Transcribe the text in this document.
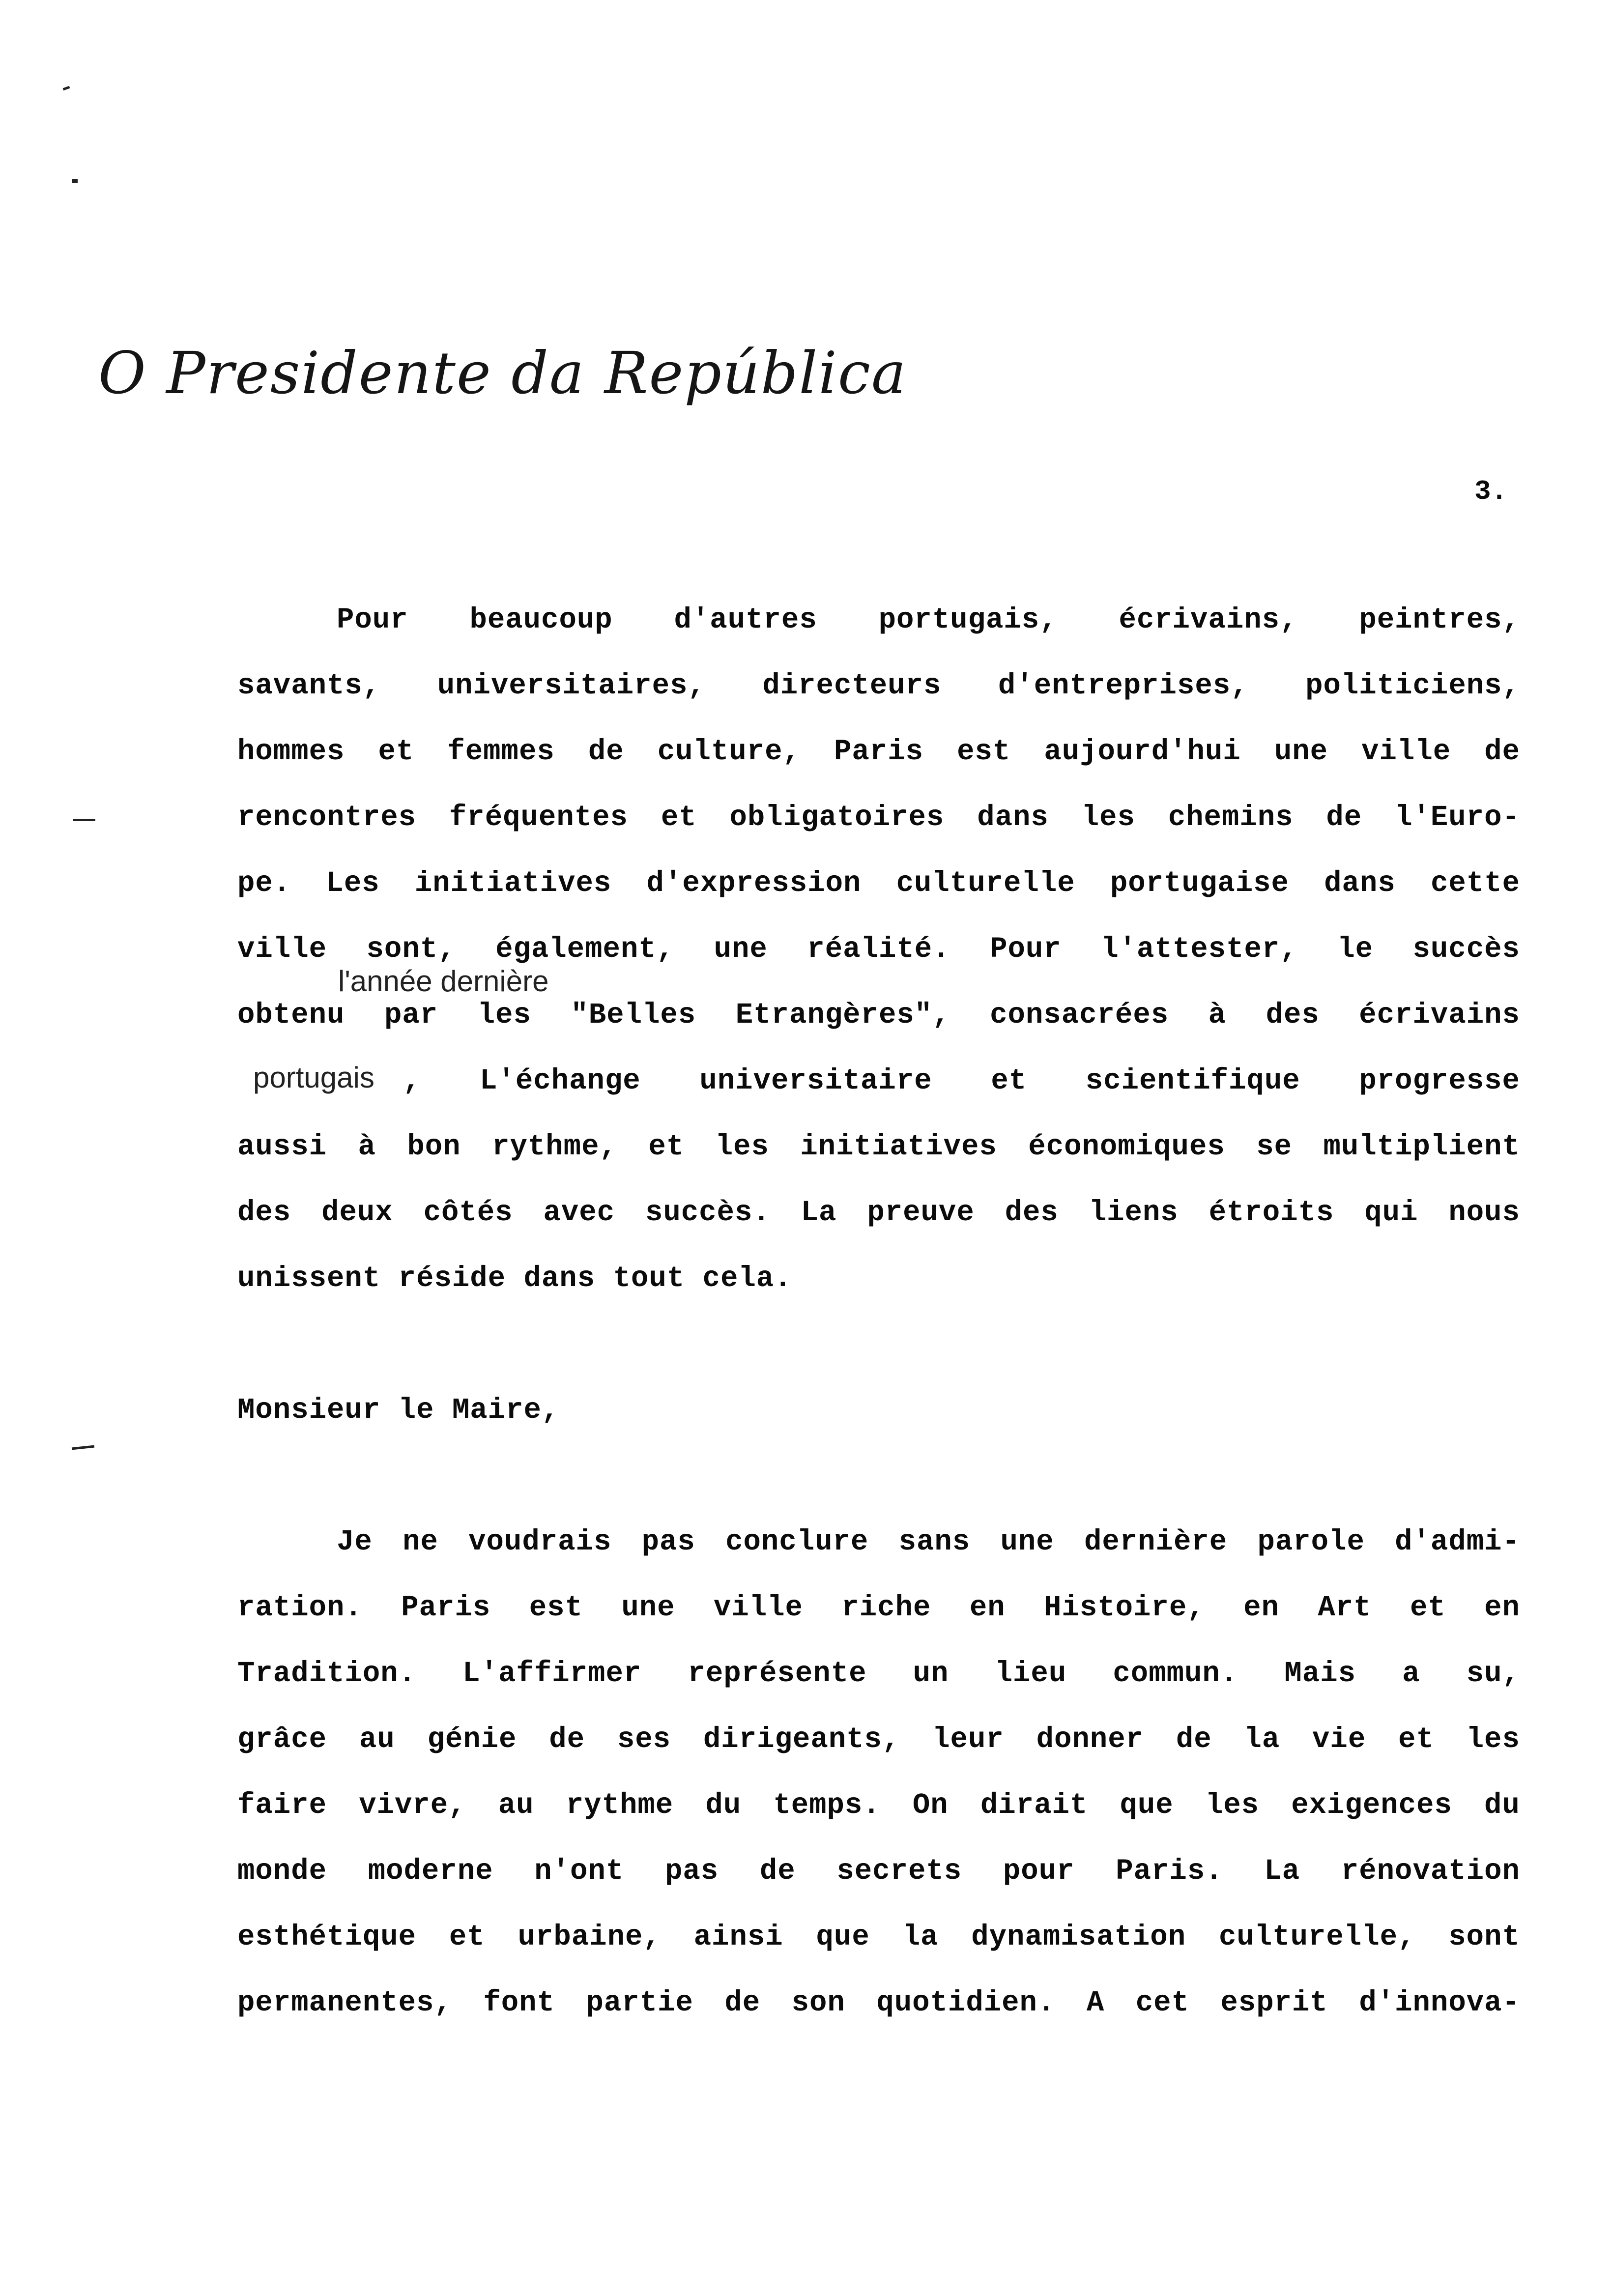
O Presidente da República
3.
l'année dernière
portugais
Pour beaucoup d'autres portugais, écrivains, peintres,
savants, universitaires, directeurs d'entreprises, politiciens,
hommes et femmes de culture, Paris est aujourd'hui une ville de
rencontres fréquentes et obligatoires dans les chemins de l'Euro-
pe. Les initiatives d'expression culturelle portugaise dans cette
ville sont, également, une réalité. Pour l'attester, le succès
obtenu par les "Belles Etrangères", consacrées à des écrivains
, L'échange universitaire et scientifique progresse
aussi à bon rythme, et les initiatives économiques se multiplient
des deux côtés avec succès. La preuve des liens étroits qui nous
unissent réside dans tout cela.
Monsieur le Maire,
Je ne voudrais pas conclure sans une dernière parole d'admi-
ration. Paris est une ville riche en Histoire, en Art et en
Tradition. L'affirmer représente un lieu commun. Mais a su,
grâce au génie de ses dirigeants, leur donner de la vie et les
faire vivre, au rythme du temps. On dirait que les exigences du
monde moderne n'ont pas de secrets pour Paris. La rénovation
esthétique et urbaine, ainsi que la dynamisation culturelle, sont
permanentes, font partie de son quotidien. A cet esprit d'innova-
